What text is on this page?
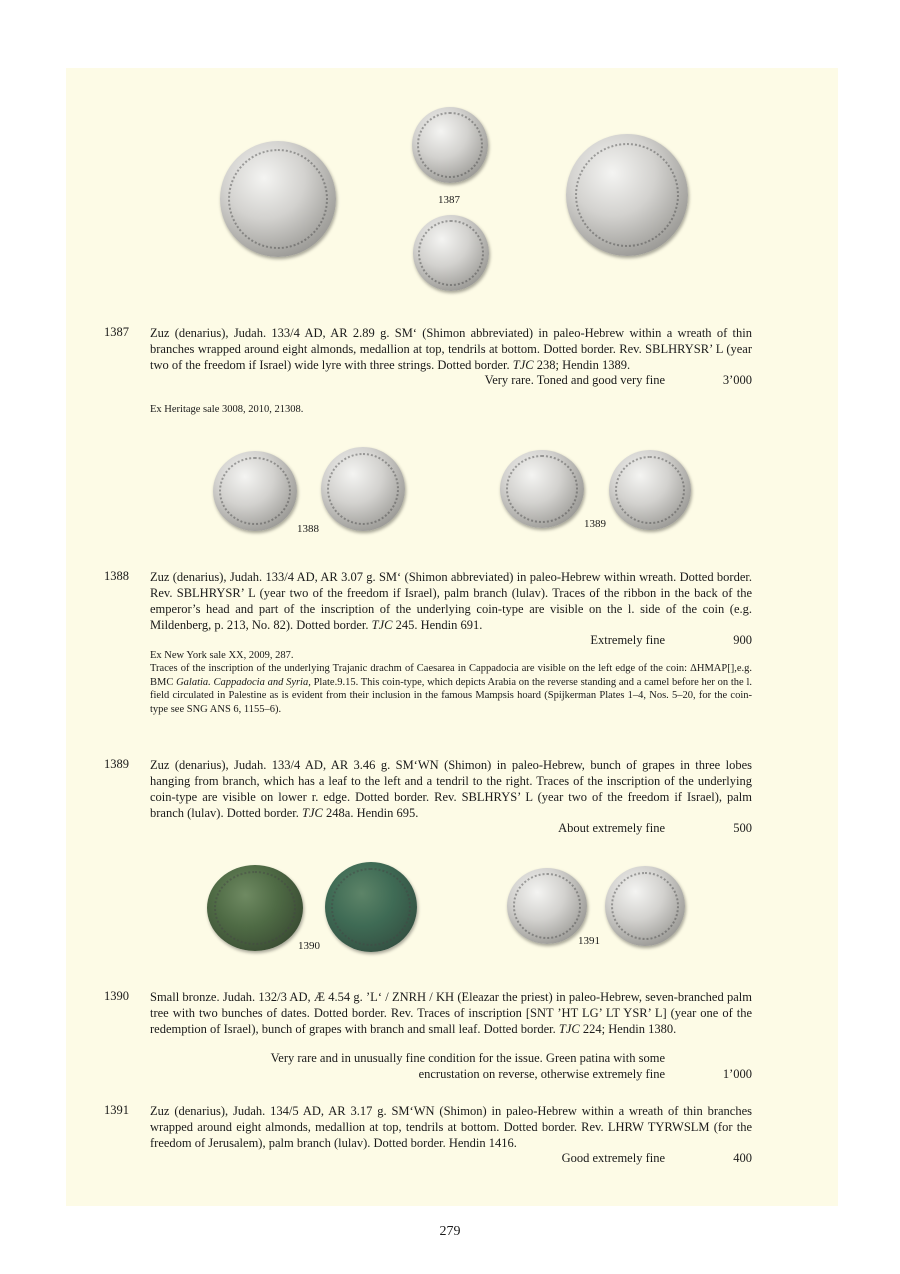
1387
1387 Zuz (denarius), Judah. 133/4 AD, AR 2.89 g. SM‘ (Shimon abbreviated) in paleo-Hebrew within a wreath of thin branches wrapped around eight almonds, medallion at top, tendrils at bottom. Dotted border. Rev. SBLHRYSR’ L (year two of the freedom if Israel) wide lyre with three strings. Dotted border. TJC 238; Hendin 1389.
Very rare. Toned and good very fine	3’000
Ex Heritage sale 3008, 2010, 21308.
1388	1389
1388 Zuz (denarius), Judah. 133/4 AD, AR 3.07 g. SM‘ (Shimon abbreviated) in paleo-Hebrew within wreath. Dotted border. Rev. SBLHRYSR’ L (year two of the freedom if Israel), palm branch (lulav). Traces of the ribbon in the back of the emperor’s head and part of the inscription of the underlying coin-type are visible on the l. side of the coin (e.g. Mildenberg, p. 213, No. 82). Dotted border. TJC 245. Hendin 691.
Extremely fine	900
Ex New York sale XX, 2009, 287.
Traces of the inscription of the underlying Trajanic drachm of Caesarea in Cappadocia are visible on the left edge of the coin: ΔΗΜΑΡ[],e.g. BMC Galatia. Cappadocia and Syria, Plate.9.15. This coin-type, which depicts Arabia on the reverse standing and a camel before her on the l. field circulated in Palestine as is evident from their inclusion in the famous Mampsis hoard (Spijkerman Plates 1–4, Nos. 5–20, for the coin-type see SNG ANS 6, 1155–6).
1389 Zuz (denarius), Judah. 133/4 AD, AR 3.46 g. SM‘WN (Shimon) in paleo-Hebrew, bunch of grapes in three lobes hanging from branch, which has a leaf to the left and a tendril to the right. Traces of the inscription of the underlying coin-type are visible on lower r. edge. Dotted border. Rev. SBLHRYS’ L (year two of the freedom if Israel), palm branch (lulav). Dotted border. TJC 248a. Hendin 695.
About extremely fine	500
1390	1391
1390 Small bronze. Judah. 132/3 AD, Æ 4.54 g. ’L‘ / ZNRH / KH (Eleazar the priest) in paleo-Hebrew, seven-branched palm tree with two bunches of dates. Dotted border. Rev. Traces of inscription [SNT ’HT LG’ LT YSR’ L] (year one of the redemption of Israel), bunch of grapes with branch and small leaf. Dotted border. TJC 224; Hendin 1380.
Very rare and in unusually fine condition for the issue. Green patina with some
encrustation on reverse, otherwise extremely fine	1’000
1391 Zuz (denarius), Judah. 134/5 AD, AR 3.17 g. SM‘WN (Shimon) in paleo-Hebrew within a wreath of thin branches wrapped around eight almonds, medallion at top, tendrils at bottom. Dotted border. Rev. LHRW TYRWSLM (for the freedom of Jerusalem), palm branch (lulav). Dotted border. Hendin 1416.
Good extremely fine	400
279
